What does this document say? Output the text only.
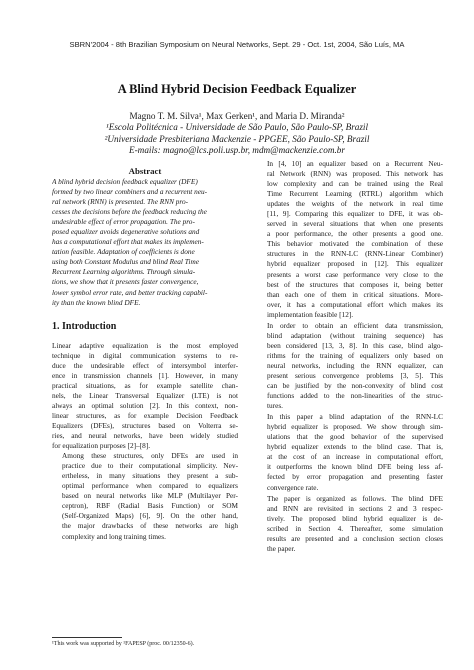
SBRN'2004 - 8th Brazilian Symposium on Neural Networks, Sept. 29 - Oct. 1st, 2004, São Luís, MA
A Blind Hybrid Decision Feedback Equalizer
Magno T. M. Silva¹, Max Gerken¹, and Maria D. Miranda²
¹Escola Politécnica - Universidade de São Paulo, São Paulo-SP, Brazil
²Universidade Presbiteriana Mackenzie - PPGEE, São Paulo-SP, Brazil
E-mails: magno@lcs.poli.usp.br, mdm@mackenzie.com.br
Abstract
A blind hybrid decision feedback equalizer (DFE)
formed by two linear combiners and a recurrent neu-
ral network (RNN) is presented. The RNN pro-
cesses the decisions before the feedback reducing the
undesirable effect of error propagation. The pro-
posed equalizer avoids degenerative solutions and
has a computational effort that makes its implemen-
tation feasible. Adaptation of coefficients is done
using both Constant Modulus and blind Real Time
Recurrent Learning algorithms. Through simula-
tions, we show that it presents faster convergence,
lower symbol error rate, and better tracking capabil-
ity than the known blind DFE.
1. Introduction
Linear adaptive equalization is the most employed
technique in digital communication systems to re-
duce the undesirable effect of intersymbol interfer-
ence in transmission channels [1]. However, in many
practical situations, as for example satellite chan-
nels, the Linear Transversal Equalizer (LTE) is not
always an optimal solution [2]. In this context, non-
linear structures, as for example Decision Feedback
Equalizers (DFEs), structures based on Volterra se-
ries, and neural networks, have been widely studied
for equalization purposes [2]–[8].
Among these structures, only DFEs are used in
practice due to their computational simplicity. Nev-
ertheless, in many situations they present a sub-
optimal performance when compared to equalizers
based on neural networks like MLP (Multilayer Per-
ceptron), RBF (Radial Basis Function) or SOM
(Self-Organized Maps) [6], 9]. On the other hand,
the major drawbacks of these networks are high
complexity and long training times.
In [4, 10] an equalizer based on a Recurrent Neu-
ral Network (RNN) was proposed. This network has
low complexity and can be trained using the Real
Time Recurrent Learning (RTRL) algorithm which
updates the weights of the network in real time
[11, 9]. Comparing this equalizer to DFE, it was ob-
served in several situations that when one presents
a poor performance, the other presents a good one.
This behavior motivated the combination of these
structures in the RNN-LC (RNN-Linear Combiner)
hybrid equalizer proposed in [12]. This equalizer
presents a worst case performance very close to the
best of the structures that composes it, being better
than each one of them in critical situations. More-
over, it has a computational effort which makes its
implementation feasible [12].
In order to obtain an efficient data transmission,
blind adaptation (without training sequence) has
been considered [13, 3, 8]. In this case, blind algo-
rithms for the training of equalizers only based on
neural networks, including the RNN equalizer, can
present serious convergence problems [3, 5]. This
can be justified by the non-convexity of blind cost
functions added to the non-linearities of the struc-
tures.
In this paper a blind adaptation of the RNN-LC
hybrid equalizer is proposed. We show through sim-
ulations that the good behavior of the supervised
hybrid equalizer extends to the blind case. That is,
at the cost of an increase in computational effort,
it outperforms the known blind DFE being less af-
fected by error propagation and presenting faster
convergence rate.
The paper is organized as follows. The blind DFE
and RNN are revisited in sections 2 and 3 respec-
tively. The proposed blind hybrid equalizer is de-
scribed in Section 4. Thereafter, some simulation
results are presented and a conclusion section closes
the paper.
¹This work was supported by ¹FAPESP (proc. 00/12350-6).
